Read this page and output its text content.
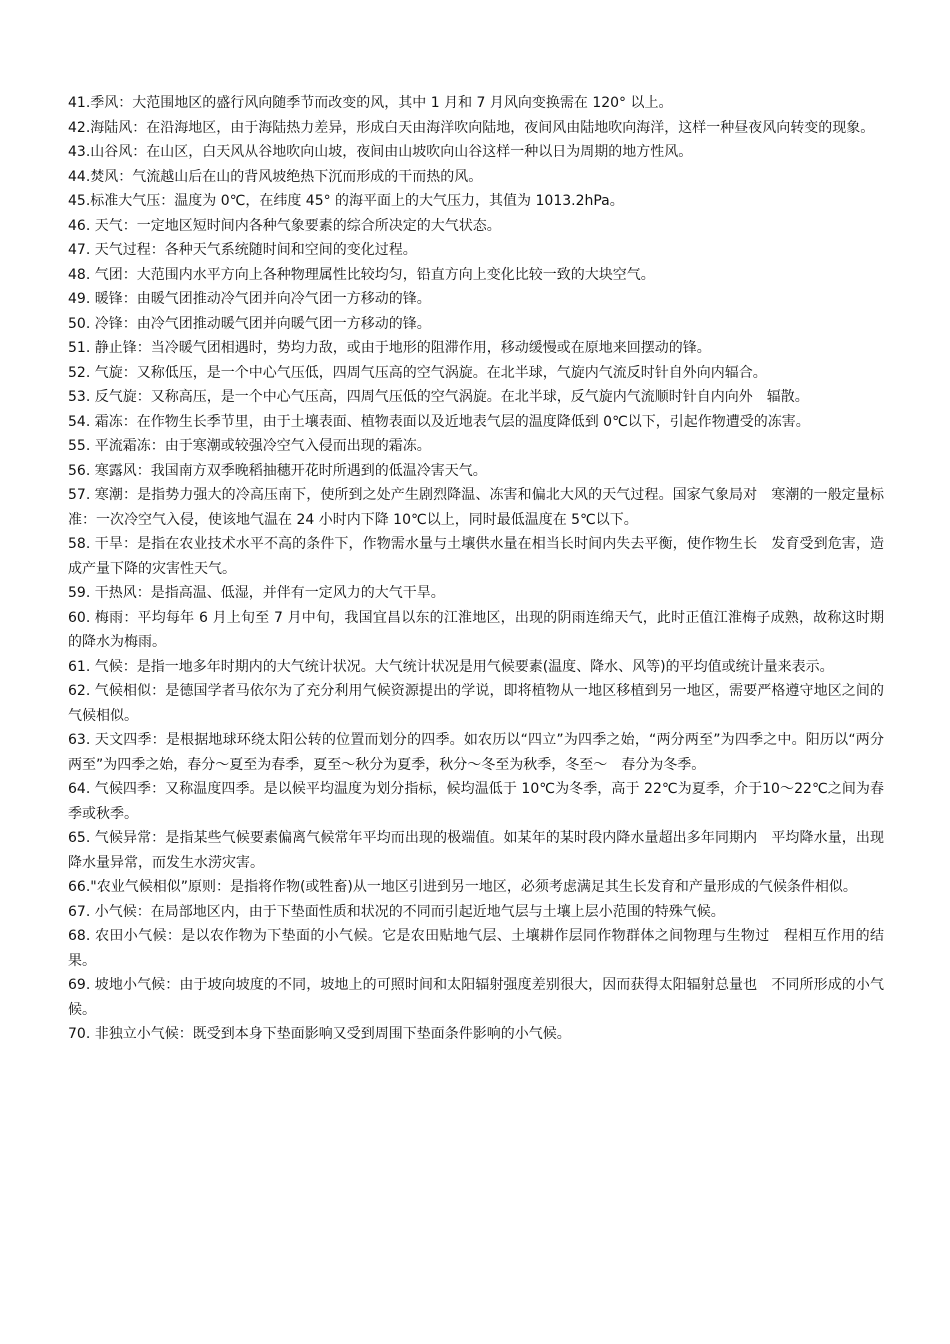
41.季风：大范围地区的盛行风向随季节而改变的风，其中 1 月和 7 月风向变换需在 120° 以上。

42.海陆风：在沿海地区，由于海陆热力差异，形成白天由海洋吹向陆地，夜间风由陆地吹向海洋，这样一种昼夜风向转变的现象。

43.山谷风：在山区，白天风从谷地吹向山坡，夜间由山坡吹向山谷这样一种以日为周期的地方性风。

44.焚风：气流越山后在山的背风坡绝热下沉而形成的干而热的风。

45.标准大气压：温度为 0℃，在纬度 45° 的海平面上的大气压力，其值为 1013.2hPa。

46. 天气：一定地区短时间内各种气象要素的综合所决定的大气状态。

47. 天气过程：各种天气系统随时间和空间的变化过程。

48. 气团：大范围内水平方向上各种物理属性比较均匀，铅直方向上变化比较一致的大块空气。

49. 暖锋：由暖气团推动冷气团并向冷气团一方移动的锋。

50. 冷锋：由冷气团推动暖气团并向暖气团一方移动的锋。

51. 静止锋：当冷暖气团相遇时，势均力敌，或由于地形的阻滞作用，移动缓慢或在原地来回摆动的锋。

52. 气旋：又称低压，是一个中心气压低，四周气压高的空气涡旋。在北半球，气旋内气流反时针自外向内辐合。

53. 反气旋：又称高压，是一个中心气压高，四周气压低的空气涡旋。在北半球，反气旋内气流顺时针自内向外　辐散。

54. 霜冻：在作物生长季节里，由于土壤表面、植物表面以及近地表气层的温度降低到 0℃以下，引起作物遭受的冻害。

55. 平流霜冻：由于寒潮或较强冷空气入侵而出现的霜冻。

56. 寒露风：我国南方双季晚稻抽穗开花时所遇到的低温冷害天气。

57. 寒潮：是指势力强大的冷高压南下，使所到之处产生剧烈降温、冻害和偏北大风的天气过程。国家气象局对　寒潮的一般定量标准：一次冷空气入侵，使该地气温在 24 小时内下降 10℃以上，同时最低温度在 5℃以下。

58. 干旱：是指在农业技术水平不高的条件下，作物需水量与土壤供水量在相当长时间内失去平衡，使作物生长　发育受到危害，造成产量下降的灾害性天气。

59. 干热风：是指高温、低湿，并伴有一定风力的大气干旱。

60. 梅雨：平均每年 6 月上旬至 7 月中旬，我国宜昌以东的江淮地区，出现的阴雨连绵天气，此时正值江淮梅子成熟，故称这时期的降水为梅雨。

61. 气候：是指一地多年时期内的大气统计状况。大气统计状况是用气候要素(温度、降水、风等)的平均值或统计量来表示。

62. 气候相似：是德国学者马依尔为了充分利用气候资源提出的学说，即将植物从一地区移植到另一地区，需要严格遵守地区之间的气候相似。

63. 天文四季：是根据地球环绕太阳公转的位置而划分的四季。如农历以“四立”为四季之始，“两分两至”为四季之中。阳历以“两分两至”为四季之始，春分～夏至为春季，夏至～秋分为夏季，秋分～冬至为秋季，冬至～　春分为冬季。

64. 气候四季：又称温度四季。是以候平均温度为划分指标，候均温低于 10℃为冬季，高于 22℃为夏季，介于10～22℃之间为春季或秋季。

65. 气候异常：是指某些气候要素偏离气候常年平均而出现的极端值。如某年的某时段内降水量超出多年同期内　平均降水量，出现降水量异常，而发生水涝灾害。

66."农业气候相似”原则：是指将作物(或牲畜)从一地区引进到另一地区，必须考虑满足其生长发育和产量形成的气候条件相似。

67. 小气候：在局部地区内，由于下垫面性质和状况的不同而引起近地气层与土壤上层小范围的特殊气候。

68. 农田小气候：是以农作物为下垫面的小气候。它是农田贴地气层、土壤耕作层同作物群体之间物理与生物过　程相互作用的结果。

69. 坡地小气候：由于坡向坡度的不同，坡地上的可照时间和太阳辐射强度差别很大，因而获得太阳辐射总量也　不同所形成的小气候。

70. 非独立小气候：既受到本身下垫面影响又受到周围下垫面条件影响的小气候。
